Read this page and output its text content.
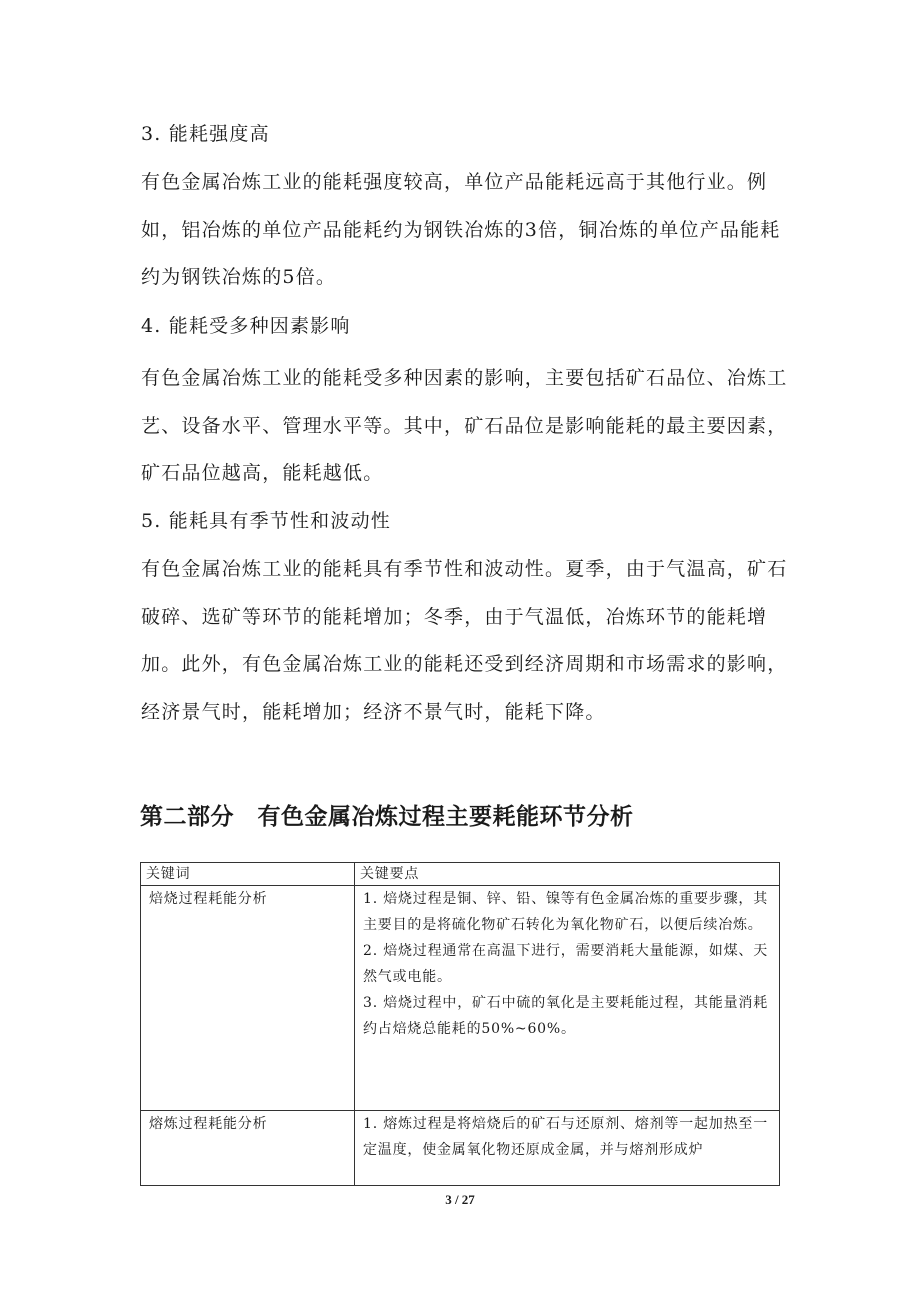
3. 能耗强度高

有色金属冶炼工业的能耗强度较高，单位产品能耗远高于其他行业。例如，铝冶炼的单位产品能耗约为钢铁冶炼的3倍，铜冶炼的单位产品能耗约为钢铁冶炼的5倍。

4. 能耗受多种因素影响

有色金属冶炼工业的能耗受多种因素的影响，主要包括矿石品位、冶炼工艺、设备水平、管理水平等。其中，矿石品位是影响能耗的最主要因素，矿石品位越高，能耗越低。

5. 能耗具有季节性和波动性

有色金属冶炼工业的能耗具有季节性和波动性。夏季，由于气温高，矿石破碎、选矿等环节的能耗增加；冬季，由于气温低，冶炼环节的能耗增加。此外，有色金属冶炼工业的能耗还受到经济周期和市场需求的影响，经济景气时，能耗增加；经济不景气时，能耗下降。

第二部分　有色金属冶炼过程主要耗能环节分析
关键词	关键要点
焙烧过程耗能分析	1. 焙烧过程是铜、锌、铅、镍等有色金属冶炼的重要步骤，其主要目的是将硫化物矿石转化为氧化物矿石，以便后续冶炼。
2. 焙烧过程通常在高温下进行，需要消耗大量能源，如煤、天然气或电能。
3. 焙烧过程中，矿石中硫的氧化是主要耗能过程，其能量消耗约占焙烧总能耗的50%~60%。

熔炼过程耗能分析	1. 熔炼过程是将焙烧后的矿石与还原剂、熔剂等一起加热至一定温度，使金属氧化物还原成金属，并与熔剂形成炉
3 / 27
